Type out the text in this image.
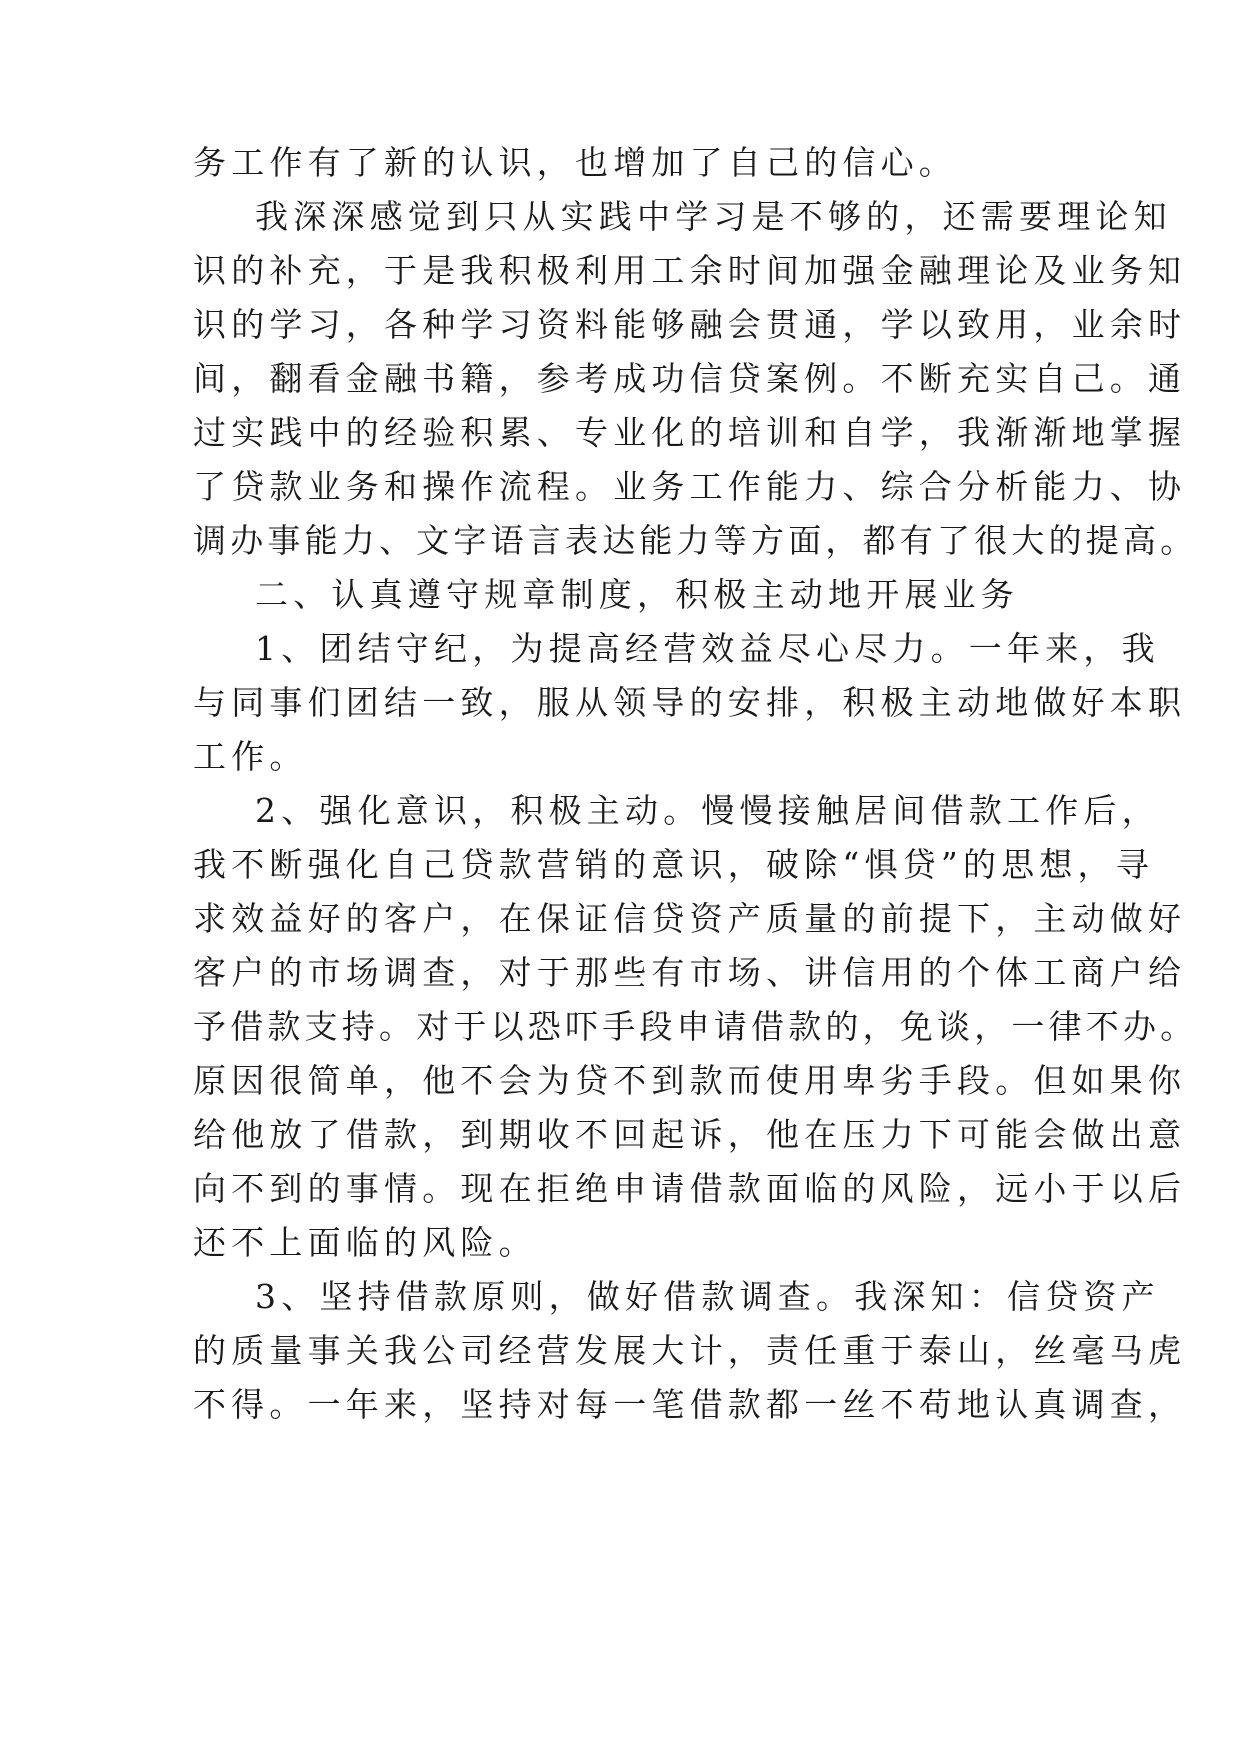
务工作有了新的认识，也增加了自己的信心。
我深深感觉到只从实践中学习是不够的，还需要理论知
识的补充，于是我积极利用工余时间加强金融理论及业务知
识的学习，各种学习资料能够融会贯通，学以致用，业余时
间，翻看金融书籍，参考成功信贷案例。不断充实自己。通
过实践中的经验积累、专业化的培训和自学，我渐渐地掌握
了贷款业务和操作流程。业务工作能力、综合分析能力、协
调办事能力、文字语言表达能力等方面，都有了很大的提高。
二、认真遵守规章制度，积极主动地开展业务
1、团结守纪，为提高经营效益尽心尽力。一年来，我
与同事们团结一致，服从领导的安排，积极主动地做好本职
工作。
2、强化意识，积极主动。慢慢接触居间借款工作后，
我不断强化自己贷款营销的意识，破除“惧贷”的思想，寻
求效益好的客户，在保证信贷资产质量的前提下，主动做好
客户的市场调查，对于那些有市场、讲信用的个体工商户给
予借款支持。对于以恐吓手段申请借款的，免谈，一律不办。
原因很简单，他不会为贷不到款而使用卑劣手段。但如果你
给他放了借款，到期收不回起诉，他在压力下可能会做出意
向不到的事情。现在拒绝申请借款面临的风险，远小于以后
还不上面临的风险。
3、坚持借款原则，做好借款调查。我深知：信贷资产
的质量事关我公司经营发展大计，责任重于泰山，丝毫马虎
不得。一年来，坚持对每一笔借款都一丝不苟地认真调查，
